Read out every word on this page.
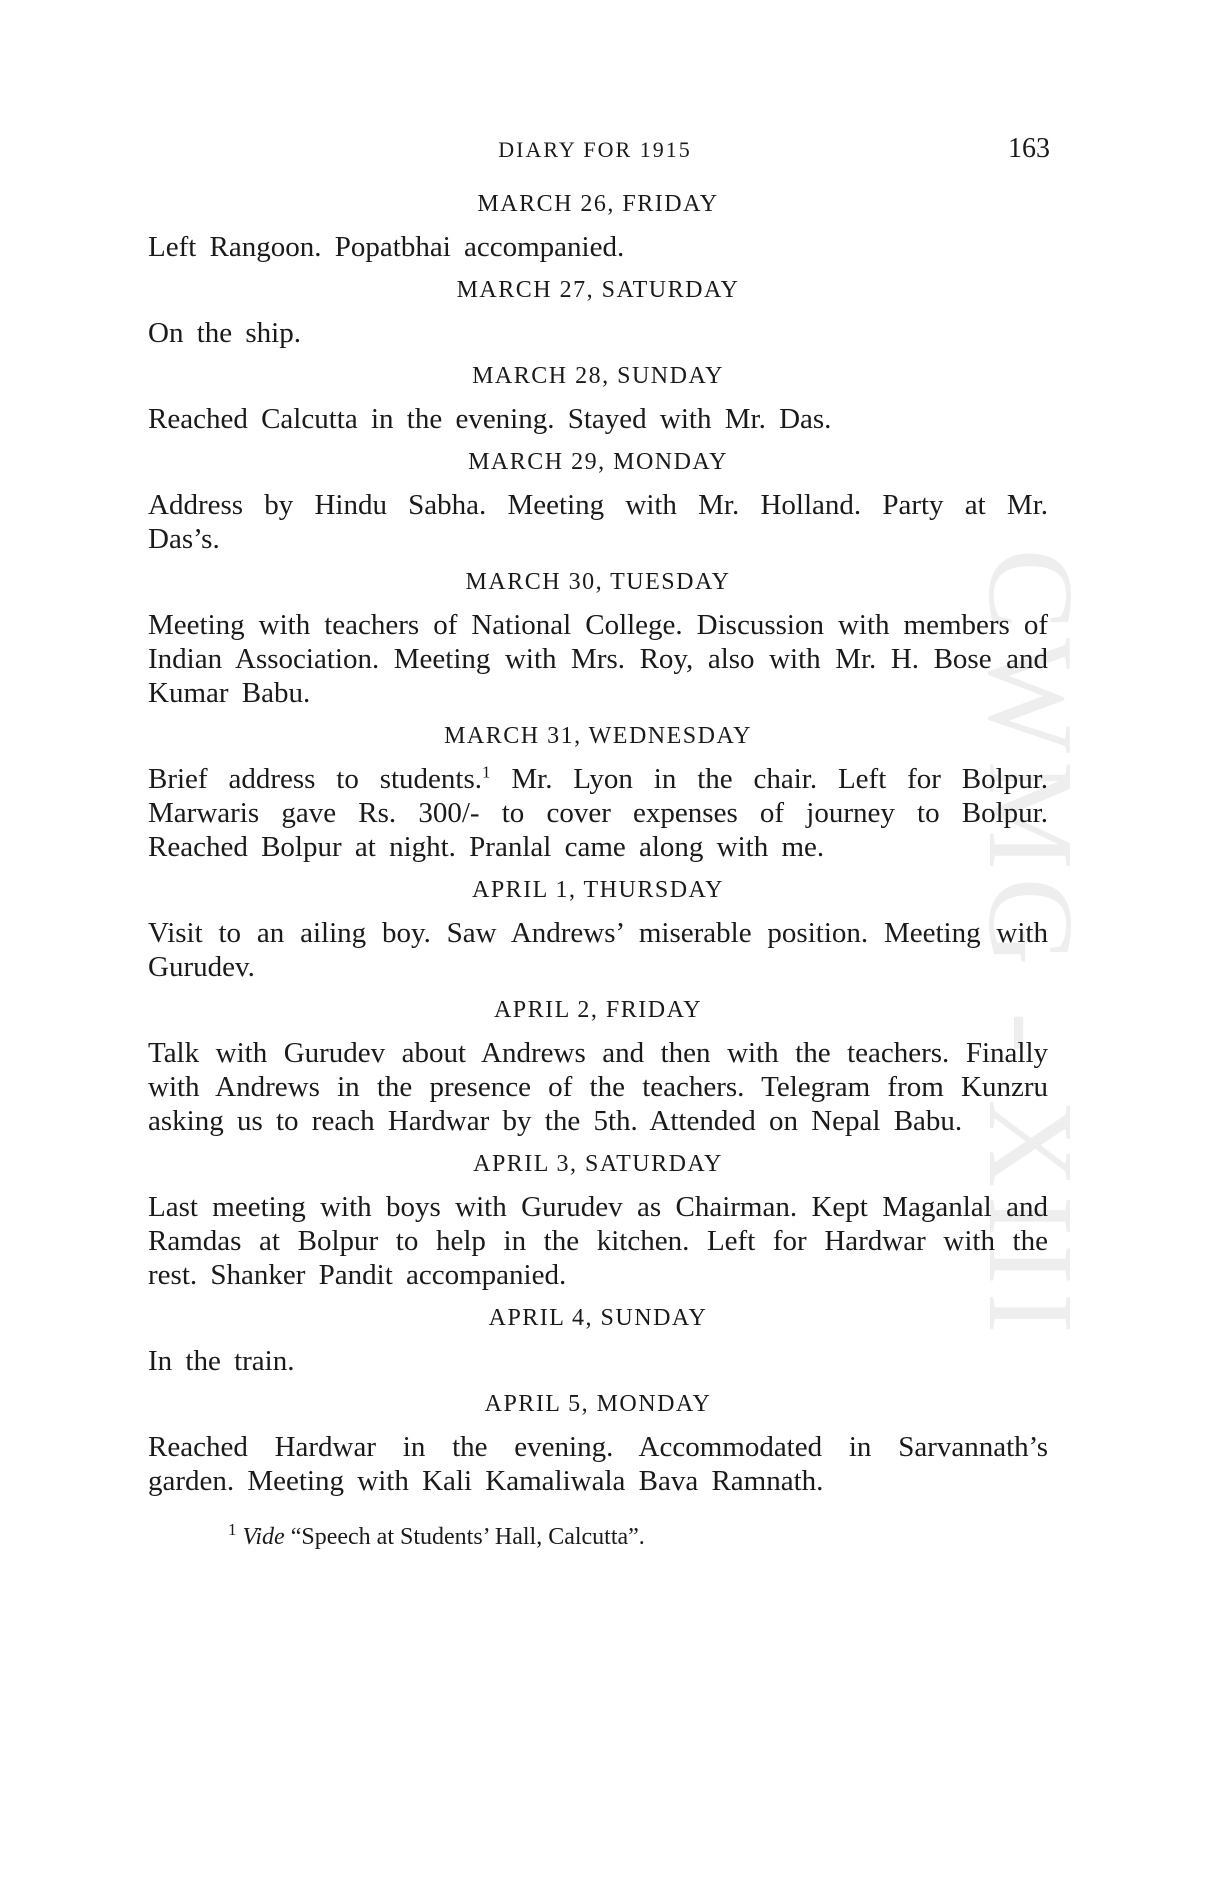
DIARY FOR 1915	163
CWMG - XIII
MARCH 26, FRIDAY

Left Rangoon. Popatbhai accompanied.

MARCH 27, SATURDAY

On the ship.

MARCH 28, SUNDAY

Reached Calcutta in the evening. Stayed with Mr. Das.

MARCH 29, MONDAY

Address by Hindu Sabha. Meeting with Mr. Holland. Party at Mr. Das’s.

MARCH 30, TUESDAY

Meeting with teachers of National College. Discussion with members of Indian Association. Meeting with Mrs. Roy, also with Mr. H. Bose and Kumar Babu.

MARCH 31, WEDNESDAY

Brief address to students.$^1$ Mr. Lyon in the chair. Left for Bolpur. Marwaris gave Rs. 300/- to cover expenses of journey to Bolpur. Reached Bolpur at night. Pranlal came along with me.

APRIL 1, THURSDAY

Visit to an ailing boy. Saw Andrews’ miserable position. Meeting with Gurudev.

APRIL 2, FRIDAY

Talk with Gurudev about Andrews and then with the teachers. Finally with Andrews in the presence of the teachers. Telegram from Kunzru asking us to reach Hardwar by the 5th. Attended on Nepal Babu.

APRIL 3, SATURDAY

Last meeting with boys with Gurudev as Chairman. Kept Maganlal and Ramdas at Bolpur to help in the kitchen. Left for Hardwar with the rest. Shanker Pandit accompanied.

APRIL 4, SUNDAY

In the train.

APRIL 5, MONDAY

Reached Hardwar in the evening. Accommodated in Sarvannath’s garden. Meeting with Kali Kamaliwala Bava Ramnath.

$^1$ Vide “Speech at Students’ Hall, Calcutta”.
